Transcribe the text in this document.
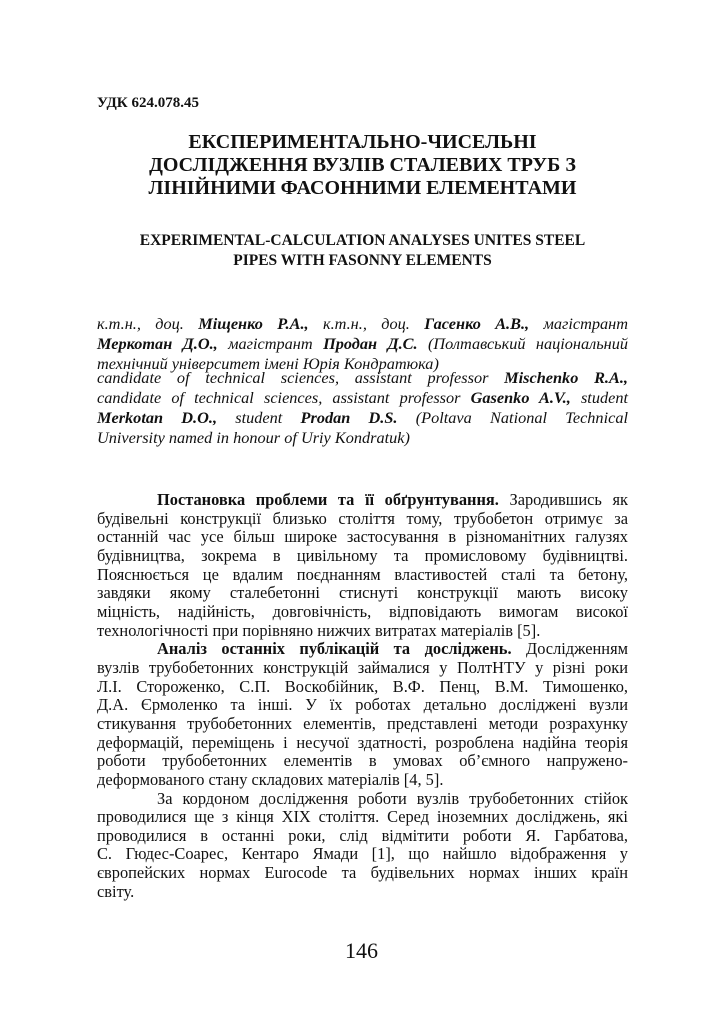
УДК 624.078.45
ЕКСПЕРИМЕНТАЛЬНО-ЧИСЕЛЬНІ
ДОСЛІДЖЕННЯ ВУЗЛІВ СТАЛЕВИХ ТРУБ З
ЛІНІЙНИМИ ФАСОННИМИ ЕЛЕМЕНТАМИ
EXPERIMENTAL-CALCULATION ANALYSES UNITES STEEL
PIPES WITH FASONNY ELEMENTS
к.т.н., доц. Міщенко Р.А., к.т.н., доц. Гасенко А.В., магістрант
Меркотан Д.О., магістрант Продан Д.С. (Полтавський національний
технічний університет імені Юрія Кондратюка)
candidate of technical sciences, assistant professor Mischenko R.A.,
candidate of technical sciences, assistant professor Gasenko A.V., student
Merkotan D.O., student Prodan D.S. (Poltava National Technical
University named in honour of Uriy Kondratuk)
Постановка проблеми та її обґрунтування. Зародившись як
будівельні конструкції близько століття тому, трубобетон отримує за
останній час усе більш широке застосування в різноманітних галузях
будівництва, зокрема в цивільному та промисловому будівництві.
Пояснюється це вдалим поєднанням властивостей сталі та бетону,
завдяки якому сталебетонні стиснуті конструкції мають високу
міцність, надійність, довговічність, відповідають вимогам високої
технологічності при порівняно нижчих витратах матеріалів [5].
Аналіз останніх публікацій та досліджень. Дослідженням
вузлів трубобетонних конструкцій займалися у ПолтНТУ у різні роки
Л.І. Стороженко, С.П. Воскобійник, В.Ф. Пенц, В.М. Тимошенко,
Д.А. Єрмоленко та інші. У їх роботах детально досліджені вузли
стикування трубобетонних елементів, представлені методи розрахунку
деформацій, переміщень і несучої здатності, розроблена надійна теорія
роботи трубобетонних елементів в умовах об’ємного напружено-
деформованого стану складових матеріалів [4, 5].
За кордоном дослідження роботи вузлів трубобетонних стійок
проводилися ще з кінця XIX століття. Серед іноземних досліджень, які
проводилися в останні роки, слід відмітити роботи Я. Гарбатова,
С. Гюдес-Соарес, Кентаро Ямади [1], що найшло відображення у
європейских нормах Eurocode та будівельних нормах інших країн
світу.
146
